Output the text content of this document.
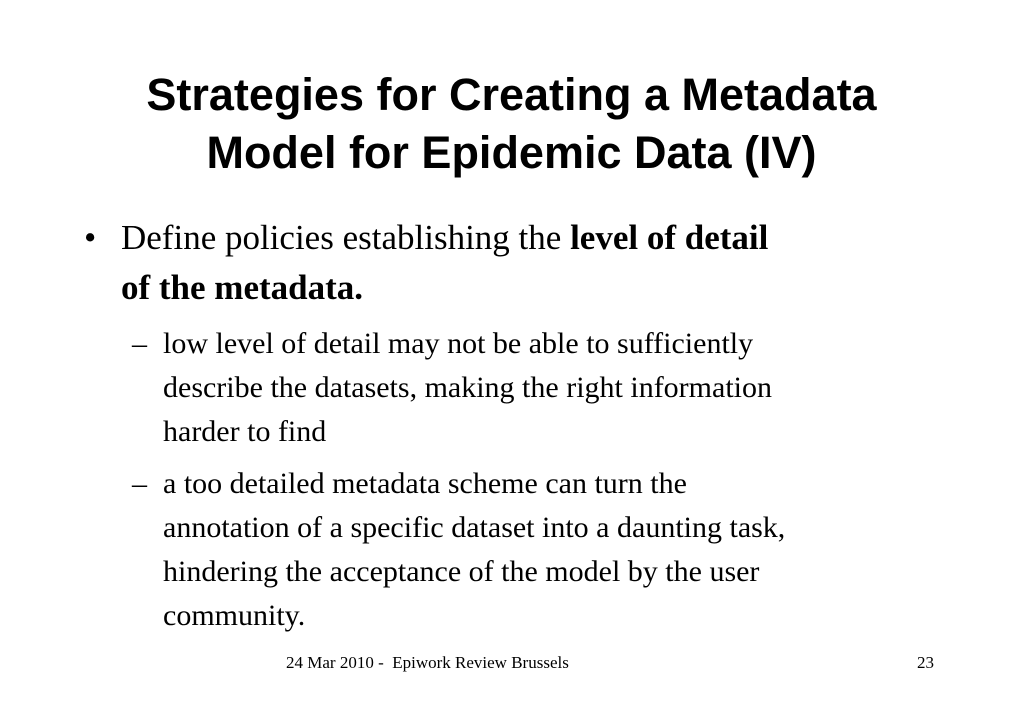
Strategies for Creating a Metadata
Model for Epidemic Data (IV)
• Define policies establishing the level of detail
of the metadata.
– low level of detail may not be able to sufficiently
describe the datasets, making the right information
harder to find
– a too detailed metadata scheme can turn the
annotation of a specific dataset into a daunting task,
hindering the acceptance of the model by the user
community.
24 Mar 2010 -  Epiwork Review Brussels	23
